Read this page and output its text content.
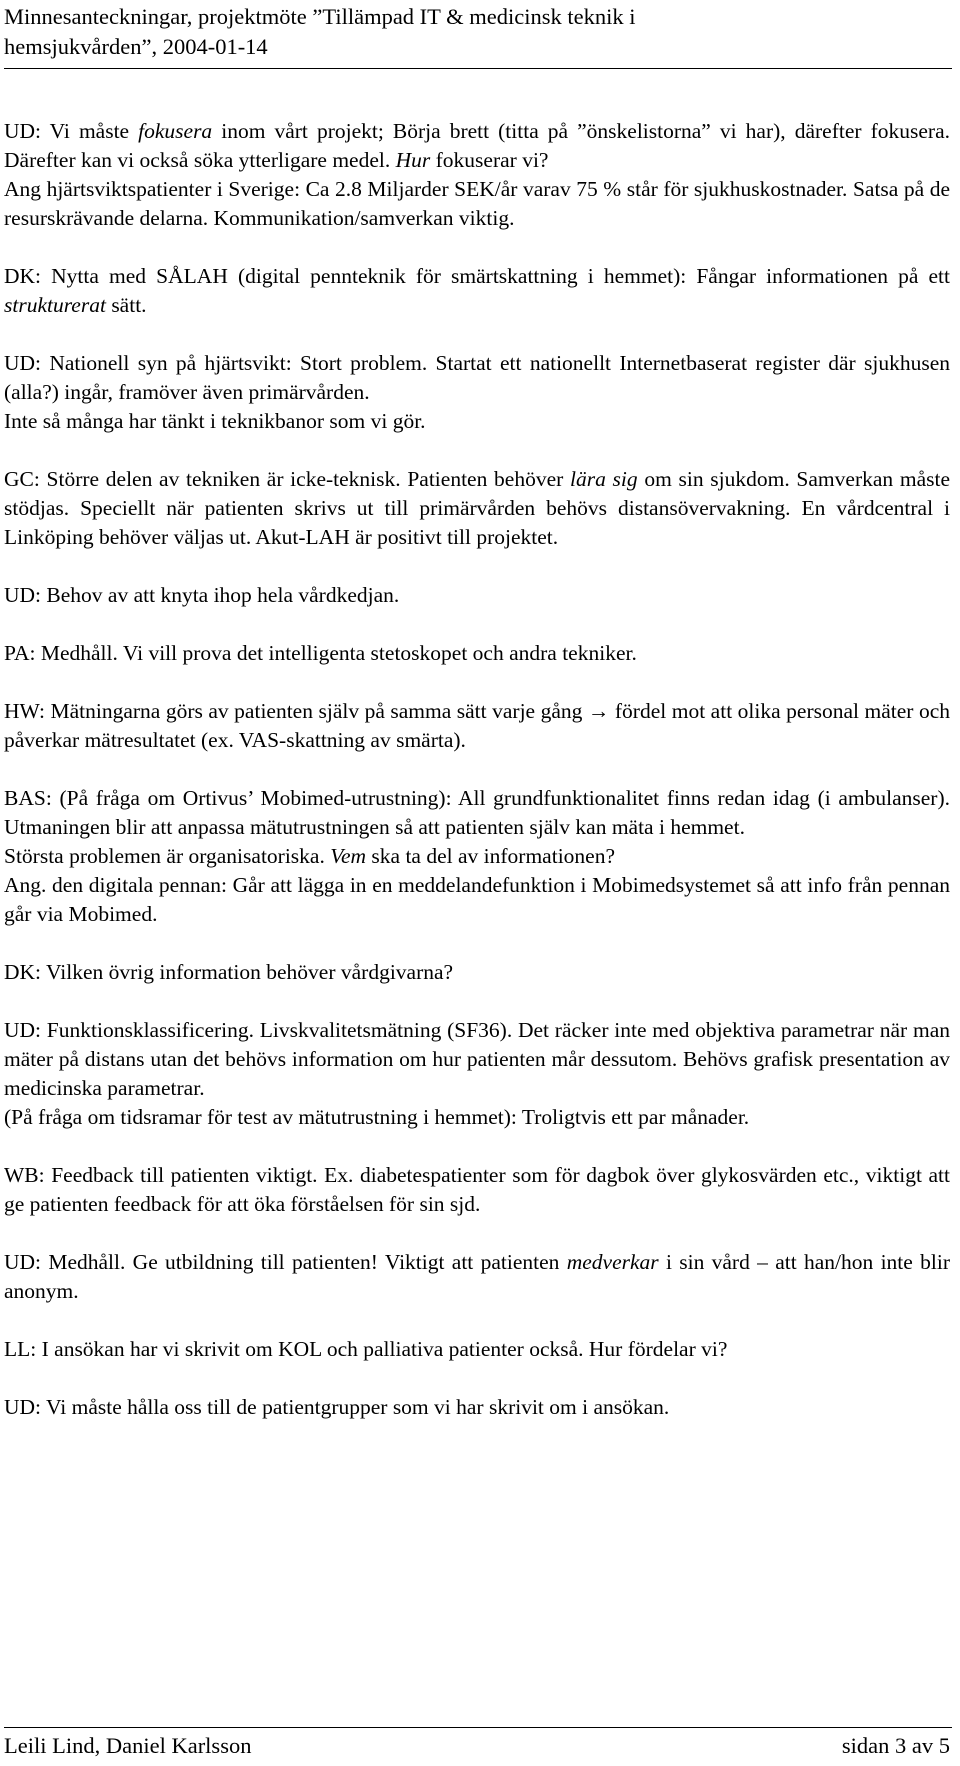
Minnesanteckningar, projektmöte ”Tillämpad IT & medicinsk teknik i
hemsjukvården”, 2004-01-14

UD: Vi måste fokusera inom vårt projekt; Börja brett (titta på ”önskelistorna” vi har), därefter fokusera. Därefter kan vi också söka ytterligare medel. Hur fokuserar vi?
Ang hjärtsviktspatienter i Sverige: Ca 2.8 Miljarder SEK/år varav 75 % står för sjukhuskostnader. Satsa på de resurskrävande delarna. Kommunikation/samverkan viktig.

DK: Nytta med SÅLAH (digital pennteknik för smärtskattning i hemmet): Fångar informationen på ett strukturerat sätt.

UD: Nationell syn på hjärtsvikt: Stort problem. Startat ett nationellt Internetbaserat register där sjukhusen (alla?) ingår, framöver även primärvården.
Inte så många har tänkt i teknikbanor som vi gör.

GC: Större delen av tekniken är icke-teknisk. Patienten behöver lära sig om sin sjukdom. Samverkan måste stödjas. Speciellt när patienten skrivs ut till primärvården behövs distansövervakning. En vårdcentral i Linköping behöver väljas ut. Akut-LAH är positivt till projektet.

UD: Behov av att knyta ihop hela vårdkedjan.

PA: Medhåll. Vi vill prova det intelligenta stetoskopet och andra tekniker.

HW: Mätningarna görs av patienten själv på samma sätt varje gång → fördel mot att olika personal mäter och påverkar mätresultatet (ex. VAS-skattning av smärta).

BAS: (På fråga om Ortivus’ Mobimed-utrustning): All grundfunktionalitet finns redan idag (i ambulanser). Utmaningen blir att anpassa mätutrustningen så att patienten själv kan mäta i hemmet.
Största problemen är organisatoriska. Vem ska ta del av informationen?
Ang. den digitala pennan: Går att lägga in en meddelandefunktion i Mobimedsystemet så att info från pennan går via Mobimed.

DK: Vilken övrig information behöver vårdgivarna?

UD: Funktionsklassificering. Livskvalitetsmätning (SF36). Det räcker inte med objektiva parametrar när man mäter på distans utan det behövs information om hur patienten mår dessutom. Behövs grafisk presentation av medicinska parametrar.
(På fråga om tidsramar för test av mätutrustning i hemmet): Troligtvis ett par månader.

WB: Feedback till patienten viktigt. Ex. diabetespatienter som för dagbok över glykosvärden etc., viktigt att ge patienten feedback för att öka förståelsen för sin sjd.

UD: Medhåll. Ge utbildning till patienten! Viktigt att patienten medverkar i sin vård – att han/hon inte blir anonym.

LL: I ansökan har vi skrivit om KOL och palliativa patienter också. Hur fördelar vi?

UD: Vi måste hålla oss till de patientgrupper som vi har skrivit om i ansökan.

Leili Lind, Daniel Karlsson	sidan 3 av 5
